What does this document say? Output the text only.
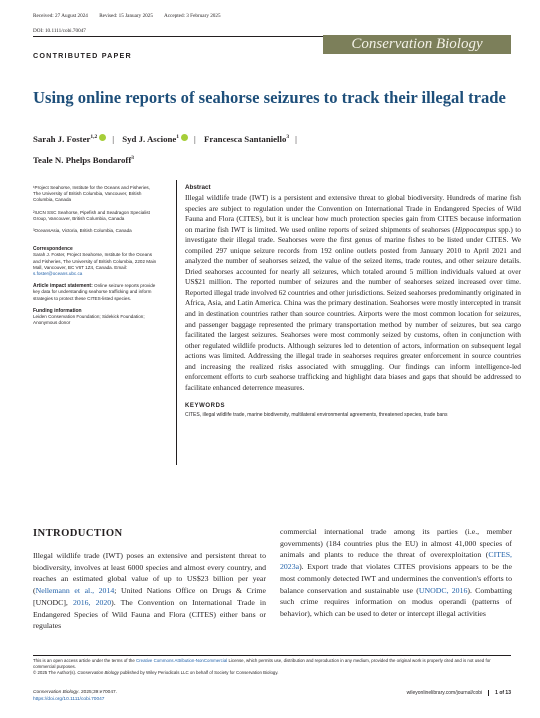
Received: 27 August 2024 Revised: 15 January 2025 Accepted: 3 February 2025
DOI: 10.1111/cobi.70047
Conservation Biology
CONTRIBUTED PAPER
Using online reports of seahorse seizures to track their illegal trade
Sarah J. Foster$^{1,2}$ | Syd J. Ascione$^1$ | Francesca Santaniello$^3$ |
Teale N. Phelps Bondaroff$^3$

¹Project Seahorse, Institute for the Oceans and Fisheries, The University of British Columbia, Vancouver, British Columbia, Canada

²IUCN SSC Seahorse, Pipefish and Seadragon Specialist Group, Vancouver, British Columbia, Canada

³OceansAsia, Victoria, British Columbia, Canada

Correspondence
Sarah J. Foster, Project Seahorse, Institute for the Oceans and Fisheries, The University of British Columbia, 2202 Main Mall, Vancouver, BC V6T 1Z4, Canada. Email: s.foster@oceans.ubc.ca

Article impact statement: Online seizure reports provide key data for understanding seahorse trafficking and inform strategies to protect these CITES-listed species.

Funding information
Leiden Conservation Foundation; Sidekick Foundation; Anonymous donor

Abstract
Illegal wildlife trade (IWT) is a persistent and extensive threat to global biodiversity. Hundreds of marine fish species are subject to regulation under the Convention on International Trade in Endangered Species of Wild Fauna and Flora (CITES), but it is unclear how much protection species gain from CITES because information on marine fish IWT is limited. We used online reports of seized shipments of seahorses (Hippocampus spp.) to investigate their illegal trade. Seahorses were the first genus of marine fishes to be listed under CITES. We compiled 297 unique seizure records from 192 online outlets posted from January 2010 to April 2021 and analyzed the number of seahorses seized, the value of the seized items, trade routes, and other seizure details. Dried seahorses accounted for nearly all seizures, which totaled around 5 million individuals valued at over US$21 million. The reported number of seizures and the number of seahorses seized increased over time. Reported illegal trade involved 62 countries and other jurisdictions. Seized seahorses predominantly originated in Africa, Asia, and Latin America. China was the primary destination. Seahorses were mostly intercepted in transit and in destination countries rather than source countries. Airports were the most common location for seizures, and passenger baggage represented the primary transportation method by number of seizures, but sea cargo facilitated the largest seizures. Seahorses were most commonly seized by customs, often in conjunction with other regulated wildlife products. Although seizures led to detention of actors, information on subsequent legal actions was limited. Addressing the illegal trade in seahorses requires greater enforcement in source countries and increasing the realized risks associated with smuggling. Our findings can inform intelligence-led enforcement efforts to curb seahorse trafficking and highlight data biases and gaps that should be addressed to facilitate enhanced deterrence measures.
KEYWORDS
CITES, illegal wildlife trade, marine biodiversity, multilateral environmental agreements, threatened species, trade bans
INTRODUCTION
Illegal wildlife trade (IWT) poses an extensive and persistent threat to biodiversity, involves at least 6000 species and almost every country, and reaches an estimated global value of up to US$23 billion per year (Nellemann et al., 2014; United Nations Office on Drugs & Crime [UNODC], 2016, 2020). The Convention on International Trade in Endangered Species of Wild Fauna and Flora (CITES) either bans or regulates
commercial international trade among its parties (i.e., member governments) (184 countries plus the EU) in almost 41,000 species of animals and plants to reduce the threat of overexploitation (CITES, 2023a). Export trade that violates CITES provisions appears to be the most commonly detected IWT and undermines the convention's efforts to balance conservation and sustainable use (UNODC, 2016). Combatting such crime requires information on modus operandi (patterns of behavior), which can be used to deter or intercept illegal activities
This is an open access article under the terms of the Creative Commons Attribution-NonCommercial License, which permits use, distribution and reproduction in any medium, provided the original work is properly cited and is not used for commercial purposes.
© 2025 The Author(s). Conservation Biology published by Wiley Periodicals LLC on behalf of Society for Conservation Biology.
Conservation Biology. 2025;39:e70047.
https://doi.org/10.1111/cobi.70047
wileyonlinelibrary.com/journal/cobi	1 of 13
